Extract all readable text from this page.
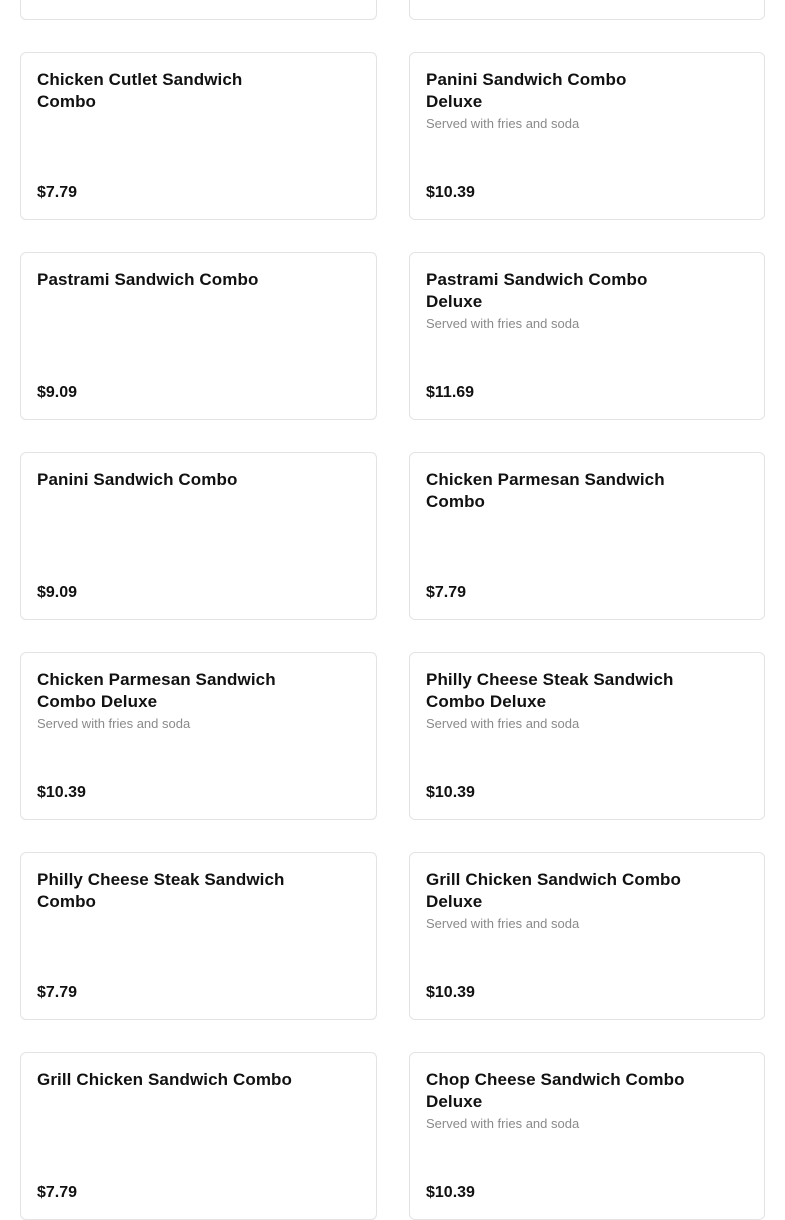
Chicken Cutlet Sandwich Combo
$7.79
Panini Sandwich Combo Deluxe
Served with fries and soda
$10.39
Pastrami Sandwich Combo
$9.09
Pastrami Sandwich Combo Deluxe
Served with fries and soda
$11.69
Panini Sandwich Combo
$9.09
Chicken Parmesan Sandwich Combo
$7.79
Chicken Parmesan Sandwich Combo Deluxe
Served with fries and soda
$10.39
Philly Cheese Steak Sandwich Combo Deluxe
Served with fries and soda
$10.39
Philly Cheese Steak Sandwich Combo
$7.79
Grill Chicken Sandwich Combo Deluxe
Served with fries and soda
$10.39
Grill Chicken Sandwich Combo
$7.79
Chop Cheese Sandwich Combo Deluxe
Served with fries and soda
$10.39
